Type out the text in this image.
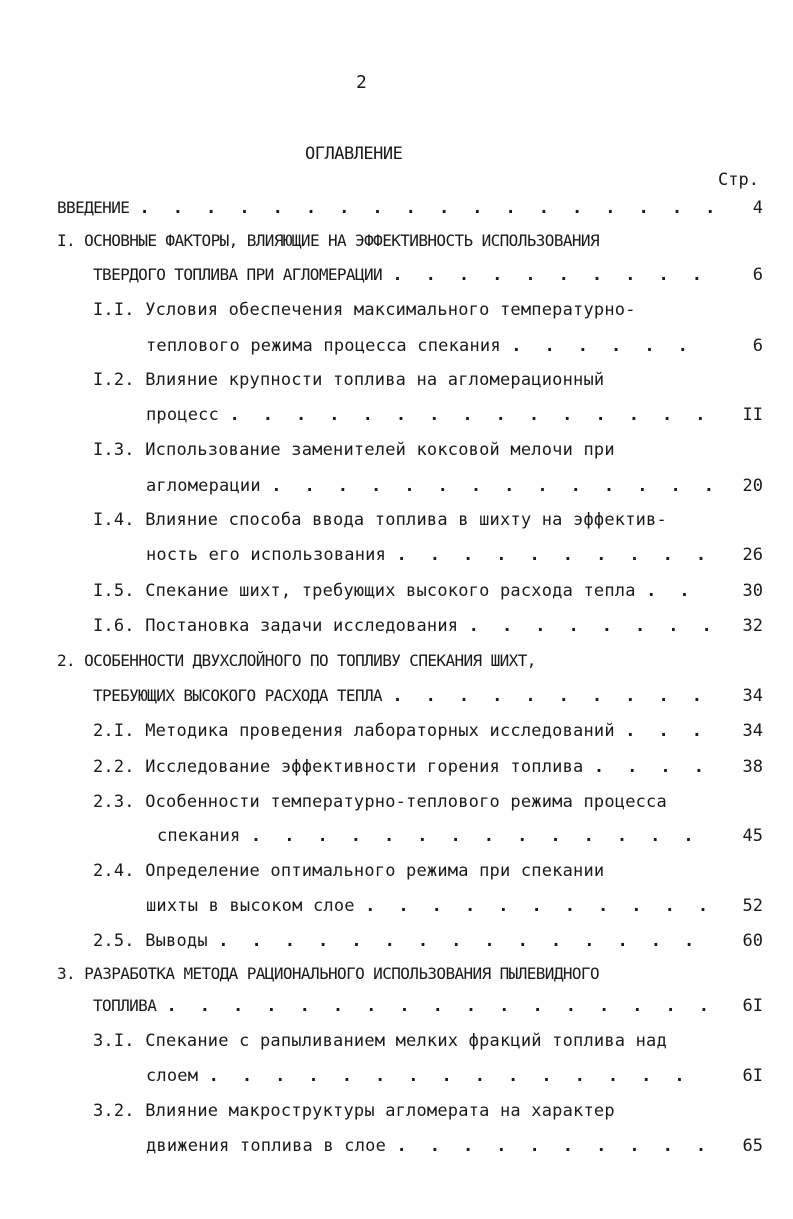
2
ОГЛАВЛЕНИЕ
Стр.
ВВЕДЕНИЕ . . . . . . . . . . . . . . . . . . 4
I. ОСНОВНЫЕ ФАКТОРЫ, ВЛИЯЮЩИЕ НА ЭФФЕКТИВНОСТЬ ИСПОЛЬЗОВАНИЯ
ТВЕРДОГО ТОПЛИВА ПРИ АГЛОМЕРАЦИИ . . . . . . . . . .	6
I.I. Условия обеспечения максимального температурно-
теплового режима процесса спекания . . . . . .	6
I.2. Влияние крупности топлива на агломерационный
процесс . . . . . . . . . . . . . . . II
I.3. Использование заменителей коксовой мелочи при
агломерации . . . . . . . . . . . . . . 20
I.4. Влияние способа ввода топлива в шихту на эффектив-
ность его использования . . . . . . . . . . 26
I.5. Спекание шихт, требующих высокого расхода тепла . .	30
I.6. Постановка задачи исследования . . . . . . . . 32
2. ОСОБЕННОСТИ ДВУХСЛОЙНОГО ПО ТОПЛИВУ СПЕКАНИЯ ШИХТ,
ТРЕБУЮЩИХ ВЫСОКОГО РАСХОДА ТЕПЛА . . . . . . . . . . 34
2.I. Методика проведения лабораторных исследований . . . 34
2.2. Исследование эффективности горения топлива . . . . 38
2.3. Особенности температурно-теплового режима процесса
спекания . . . . . . . . . . . . . . 45
2.4. Определение оптимального режима при спекании
шихты в высоком слое . . . . . . . . . . . 52
2.5. Выводы . . . . . . . . . . . . . . . 60
3. РАЗРАБОТКА МЕТОДА РАЦИОНАЛЬНОГО ИСПОЛЬЗОВАНИЯ ПЫЛЕВИДНОГО
ТОПЛИВА . . . . . . . . . . . . . . . . . 6I
3.I. Спекание с рапыливанием мелких фракций топлива над
слоем . . . . . . . . . . . . . . .	6I
3.2. Влияние макроструктуры агломерата на характер
движения топлива в слое . . . . . . . . . . 65
